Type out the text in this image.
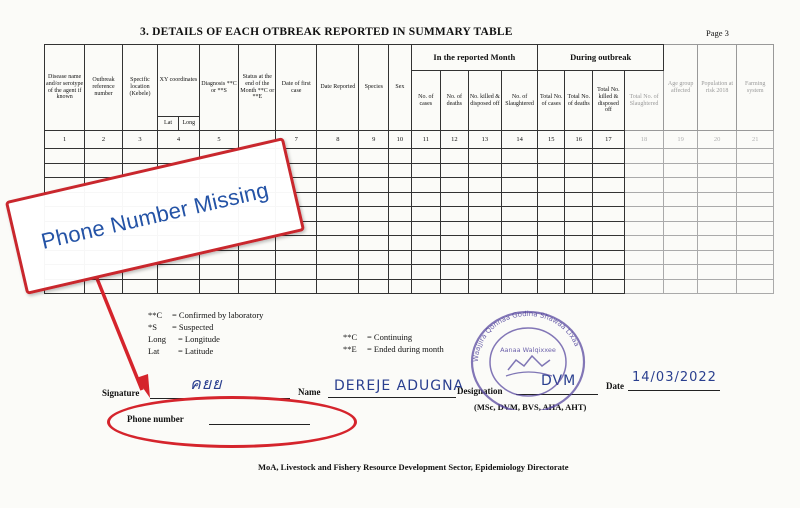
3. DETAILS OF EACH OTBREAK REPORTED IN SUMMARY TABLE	Page 3
Disease name and/or serotype of the agent if known	Outbreak reference number	Specific location (Kebele)	XY coordinates		Diagnosis **C or **S	Status at the end of the Month **C or **E	Date of first case	Date Reported	Species	Sex	In the reported Month				During outbreak				Age group affected	Population at risk 2018	Farming system
											No. of cases	No. of deaths	No. killed & disposed off	No. of Slaughtered	Total No. of cases	Total No. of deaths	Total No. killed & disposed off	Total No. of Slaughtered			
			Lat	Long																	
1	2	3	4		5		7	8	9	10	11	12	13	14	15	16	17	18	19	20	21

**C	= Confirmed by laboratory
*S	= Suspected
Long	= Longitude
Lat	= Latitude
**C	= Continuing
**E	= Ended during month
Signature	คยย	Name DEREJE ADUGNA
Designation
DVM	Date
14/03/2022
(MSc, DVM, BVS, AHA, AHT)
Phone number
MoA, Livestock and Fishery Resource Development Sector, Epidemiology Directorate
Waajjira Qonnaa Godina Shawaa Lixaa
Aanaa Walqixxee
Phone Number Missing
